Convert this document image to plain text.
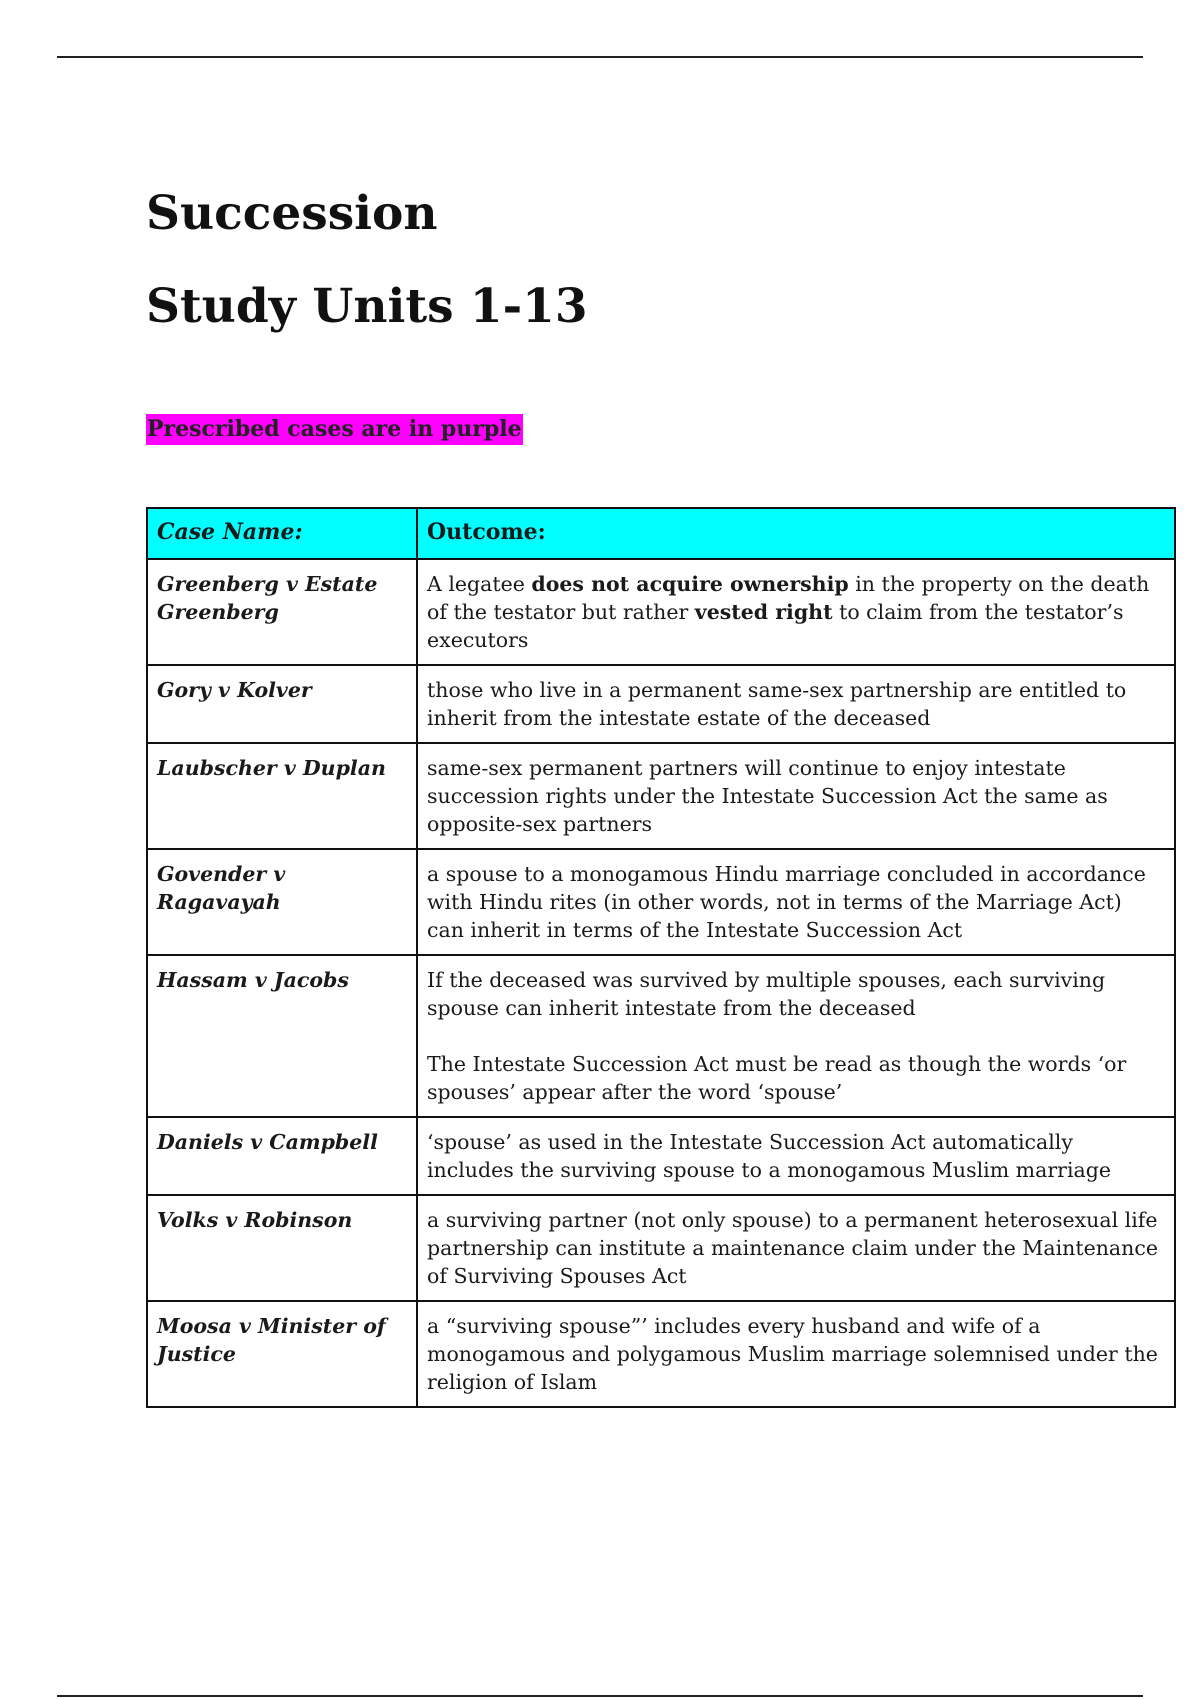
Succession
Study Units 1-13
Prescribed cases are in purple
Case Name:	Outcome:
Greenberg v Estate Greenberg	A legatee does not acquire ownership in the property on the death of the testator but rather vested right to claim from the testator’s executors
Gory v Kolver	those who live in a permanent same-sex partnership are entitled to inherit from the intestate estate of the deceased
Laubscher v Duplan	same-sex permanent partners will continue to enjoy intestate succession rights under the Intestate Succession Act the same as opposite-sex partners
Govender v Ragavayah	a spouse to a monogamous Hindu marriage concluded in accordance with Hindu rites (in other words, not in terms of the Marriage Act) can inherit in terms of the Intestate Succession Act
Hassam v Jacobs	If the deceased was survived by multiple spouses, each surviving spouse can inherit intestate from the deceased

The Intestate Succession Act must be read as though the words ‘or spouses’ appear after the word ‘spouse’

Daniels v Campbell	‘spouse’ as used in the Intestate Succession Act automatically includes the surviving spouse to a monogamous Muslim marriage
Volks v Robinson	a surviving partner (not only spouse) to a permanent heterosexual life partnership can institute a maintenance claim under the Maintenance of Surviving Spouses Act
Moosa v Minister of Justice	a “surviving spouse”’ includes every husband and wife of a monogamous and polygamous Muslim marriage solemnised under the religion of Islam
